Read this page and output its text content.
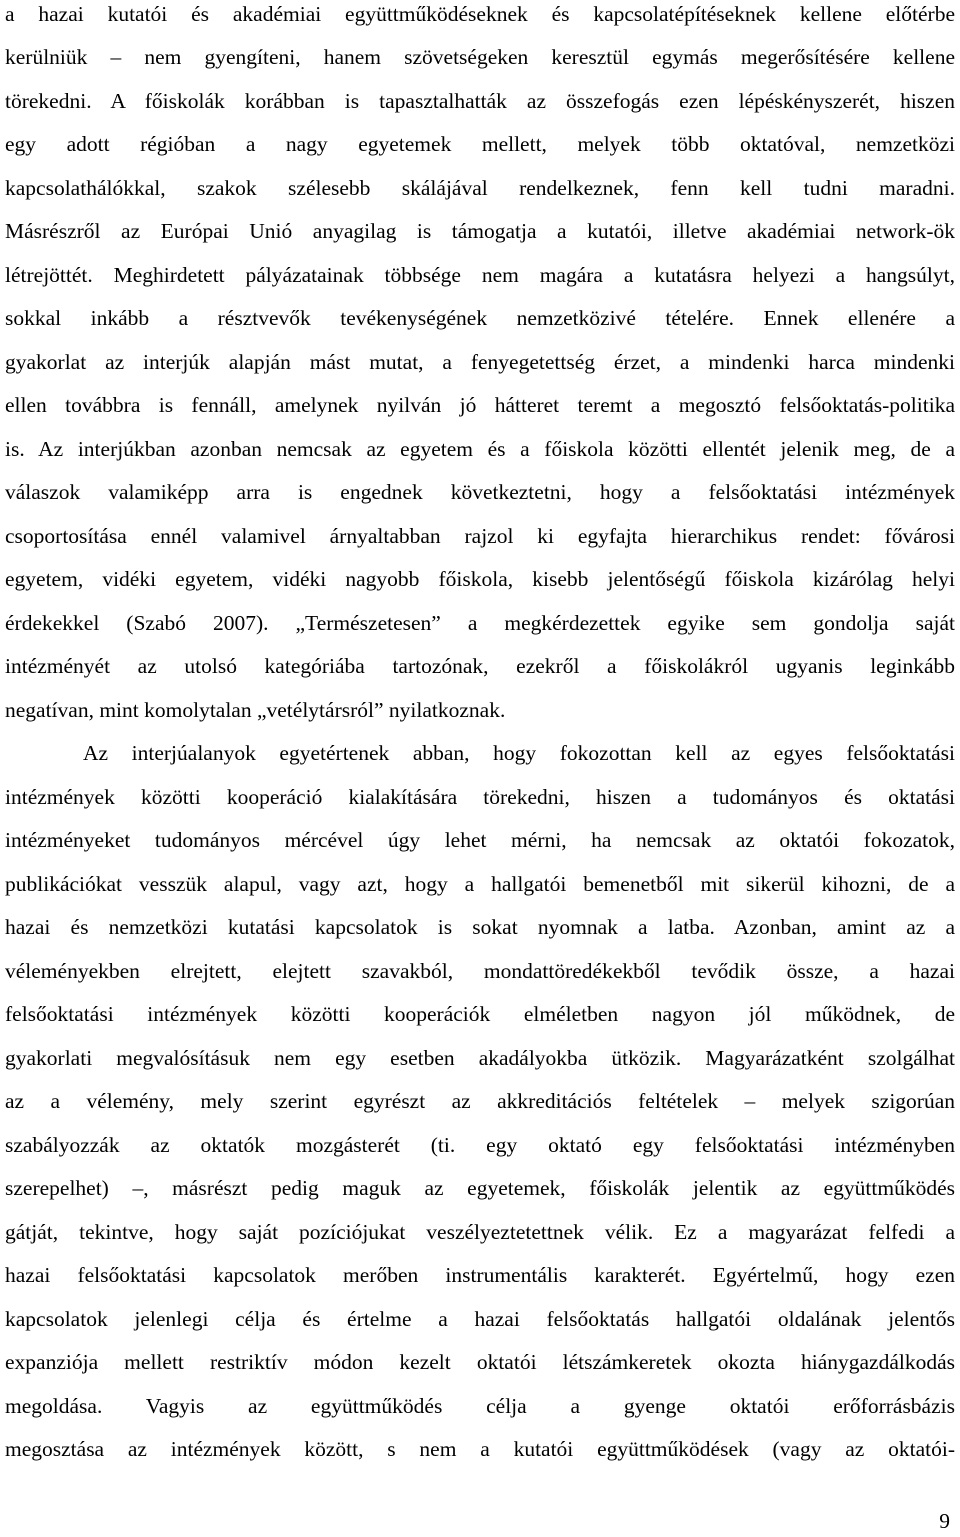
a hazai kutatói és akadémiai együttműködéseknek és kapcsolatépítéseknek kellene előtérbe
kerülniük – nem gyengíteni, hanem szövetségeken keresztül egymás megerősítésére kellene
törekedni. A főiskolák korábban is tapasztalhatták az összefogás ezen lépéskényszerét, hiszen
egy adott régióban a nagy egyetemek mellett, melyek több oktatóval, nemzetközi
kapcsolathálókkal, szakok szélesebb skálájával rendelkeznek, fenn kell tudni maradni.
Másrészről az Európai Unió anyagilag is támogatja a kutatói, illetve akadémiai network-ök
létrejöttét. Meghirdetett pályázatainak többsége nem magára a kutatásra helyezi a hangsúlyt,
sokkal inkább a résztvevők tevékenységének nemzetközivé tételére. Ennek ellenére a
gyakorlat az interjúk alapján mást mutat, a fenyegetettség érzet, a mindenki harca mindenki
ellen továbbra is fennáll, amelynek nyilván jó hátteret teremt a megosztó felsőoktatás-politika
is. Az interjúkban azonban nemcsak az egyetem és a főiskola közötti ellentét jelenik meg, de a
válaszok valamiképp arra is engednek következtetni, hogy a felsőoktatási intézmények
csoportosítása ennél valamivel árnyaltabban rajzol ki egyfajta hierarchikus rendet: fővárosi
egyetem, vidéki egyetem, vidéki nagyobb főiskola, kisebb jelentőségű főiskola kizárólag helyi
érdekekkel (Szabó 2007). „Természetesen” a megkérdezettek egyike sem gondolja saját
intézményét az utolsó kategóriába tartozónak, ezekről a főiskolákról ugyanis leginkább
negatívan, mint komolytalan „vetélytársról” nyilatkoznak.
Az interjúalanyok egyetértenek abban, hogy fokozottan kell az egyes felsőoktatási
intézmények közötti kooperáció kialakítására törekedni, hiszen a tudományos és oktatási
intézményeket tudományos mércével úgy lehet mérni, ha nemcsak az oktatói fokozatok,
publikációkat vesszük alapul, vagy azt, hogy a hallgatói bemenetből mit sikerül kihozni, de a
hazai és nemzetközi kutatási kapcsolatok is sokat nyomnak a latba. Azonban, amint az a
véleményekben elrejtett, elejtett szavakból, mondattöredékekből tevődik össze, a hazai
felsőoktatási intézmények közötti kooperációk elméletben nagyon jól működnek, de
gyakorlati megvalósításuk nem egy esetben akadályokba ütközik. Magyarázatként szolgálhat
az a vélemény, mely szerint egyrészt az akkreditációs feltételek – melyek szigorúan
szabályozzák az oktatók mozgásterét (ti. egy oktató egy felsőoktatási intézményben
szerepelhet) –, másrészt pedig maguk az egyetemek, főiskolák jelentik az együttműködés
gátját, tekintve, hogy saját pozíciójukat veszélyeztetettnek vélik. Ez a magyarázat felfedi a
hazai felsőoktatási kapcsolatok merőben instrumentális karakterét. Egyértelmű, hogy ezen
kapcsolatok jelenlegi célja és értelme a hazai felsőoktatás hallgatói oldalának jelentős
expanziója mellett restriktív módon kezelt oktatói létszámkeretek okozta hiánygazdálkodás
megoldása. Vagyis az együttműködés célja a gyenge oktatói erőforrásbázis
megosztása az intézmények között, s nem a kutatói együttműködések (vagy az oktatói-
9
